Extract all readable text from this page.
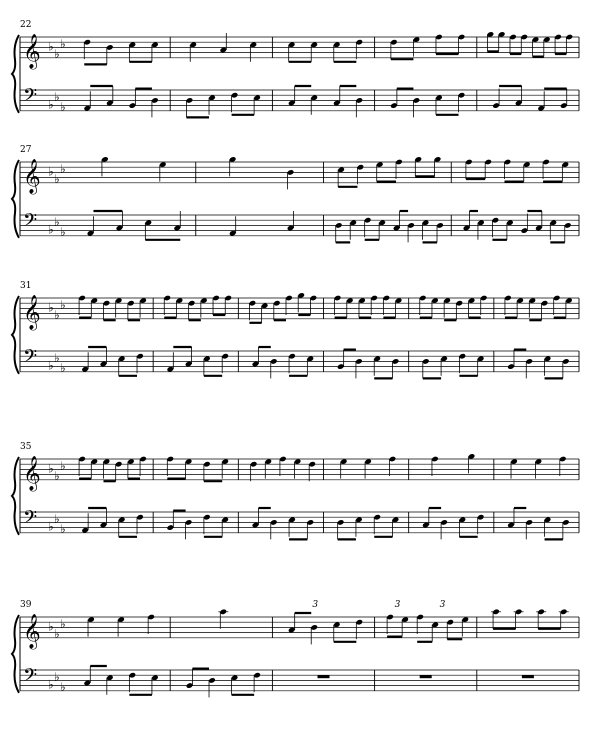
22
𝄞
𝄢
♭
♭
♭
♭
♭
♭
27
𝄞
𝄢
♭
♭
♭
♭
♭
♭
31
𝄞
𝄢
♭
♭
♭
♭
♭
♭
35
𝄞
𝄢
♭
♭
♭
♭
♭
♭
39
𝄞
𝄢
♭
♭
♭
♭
♭
♭
3	3	3
